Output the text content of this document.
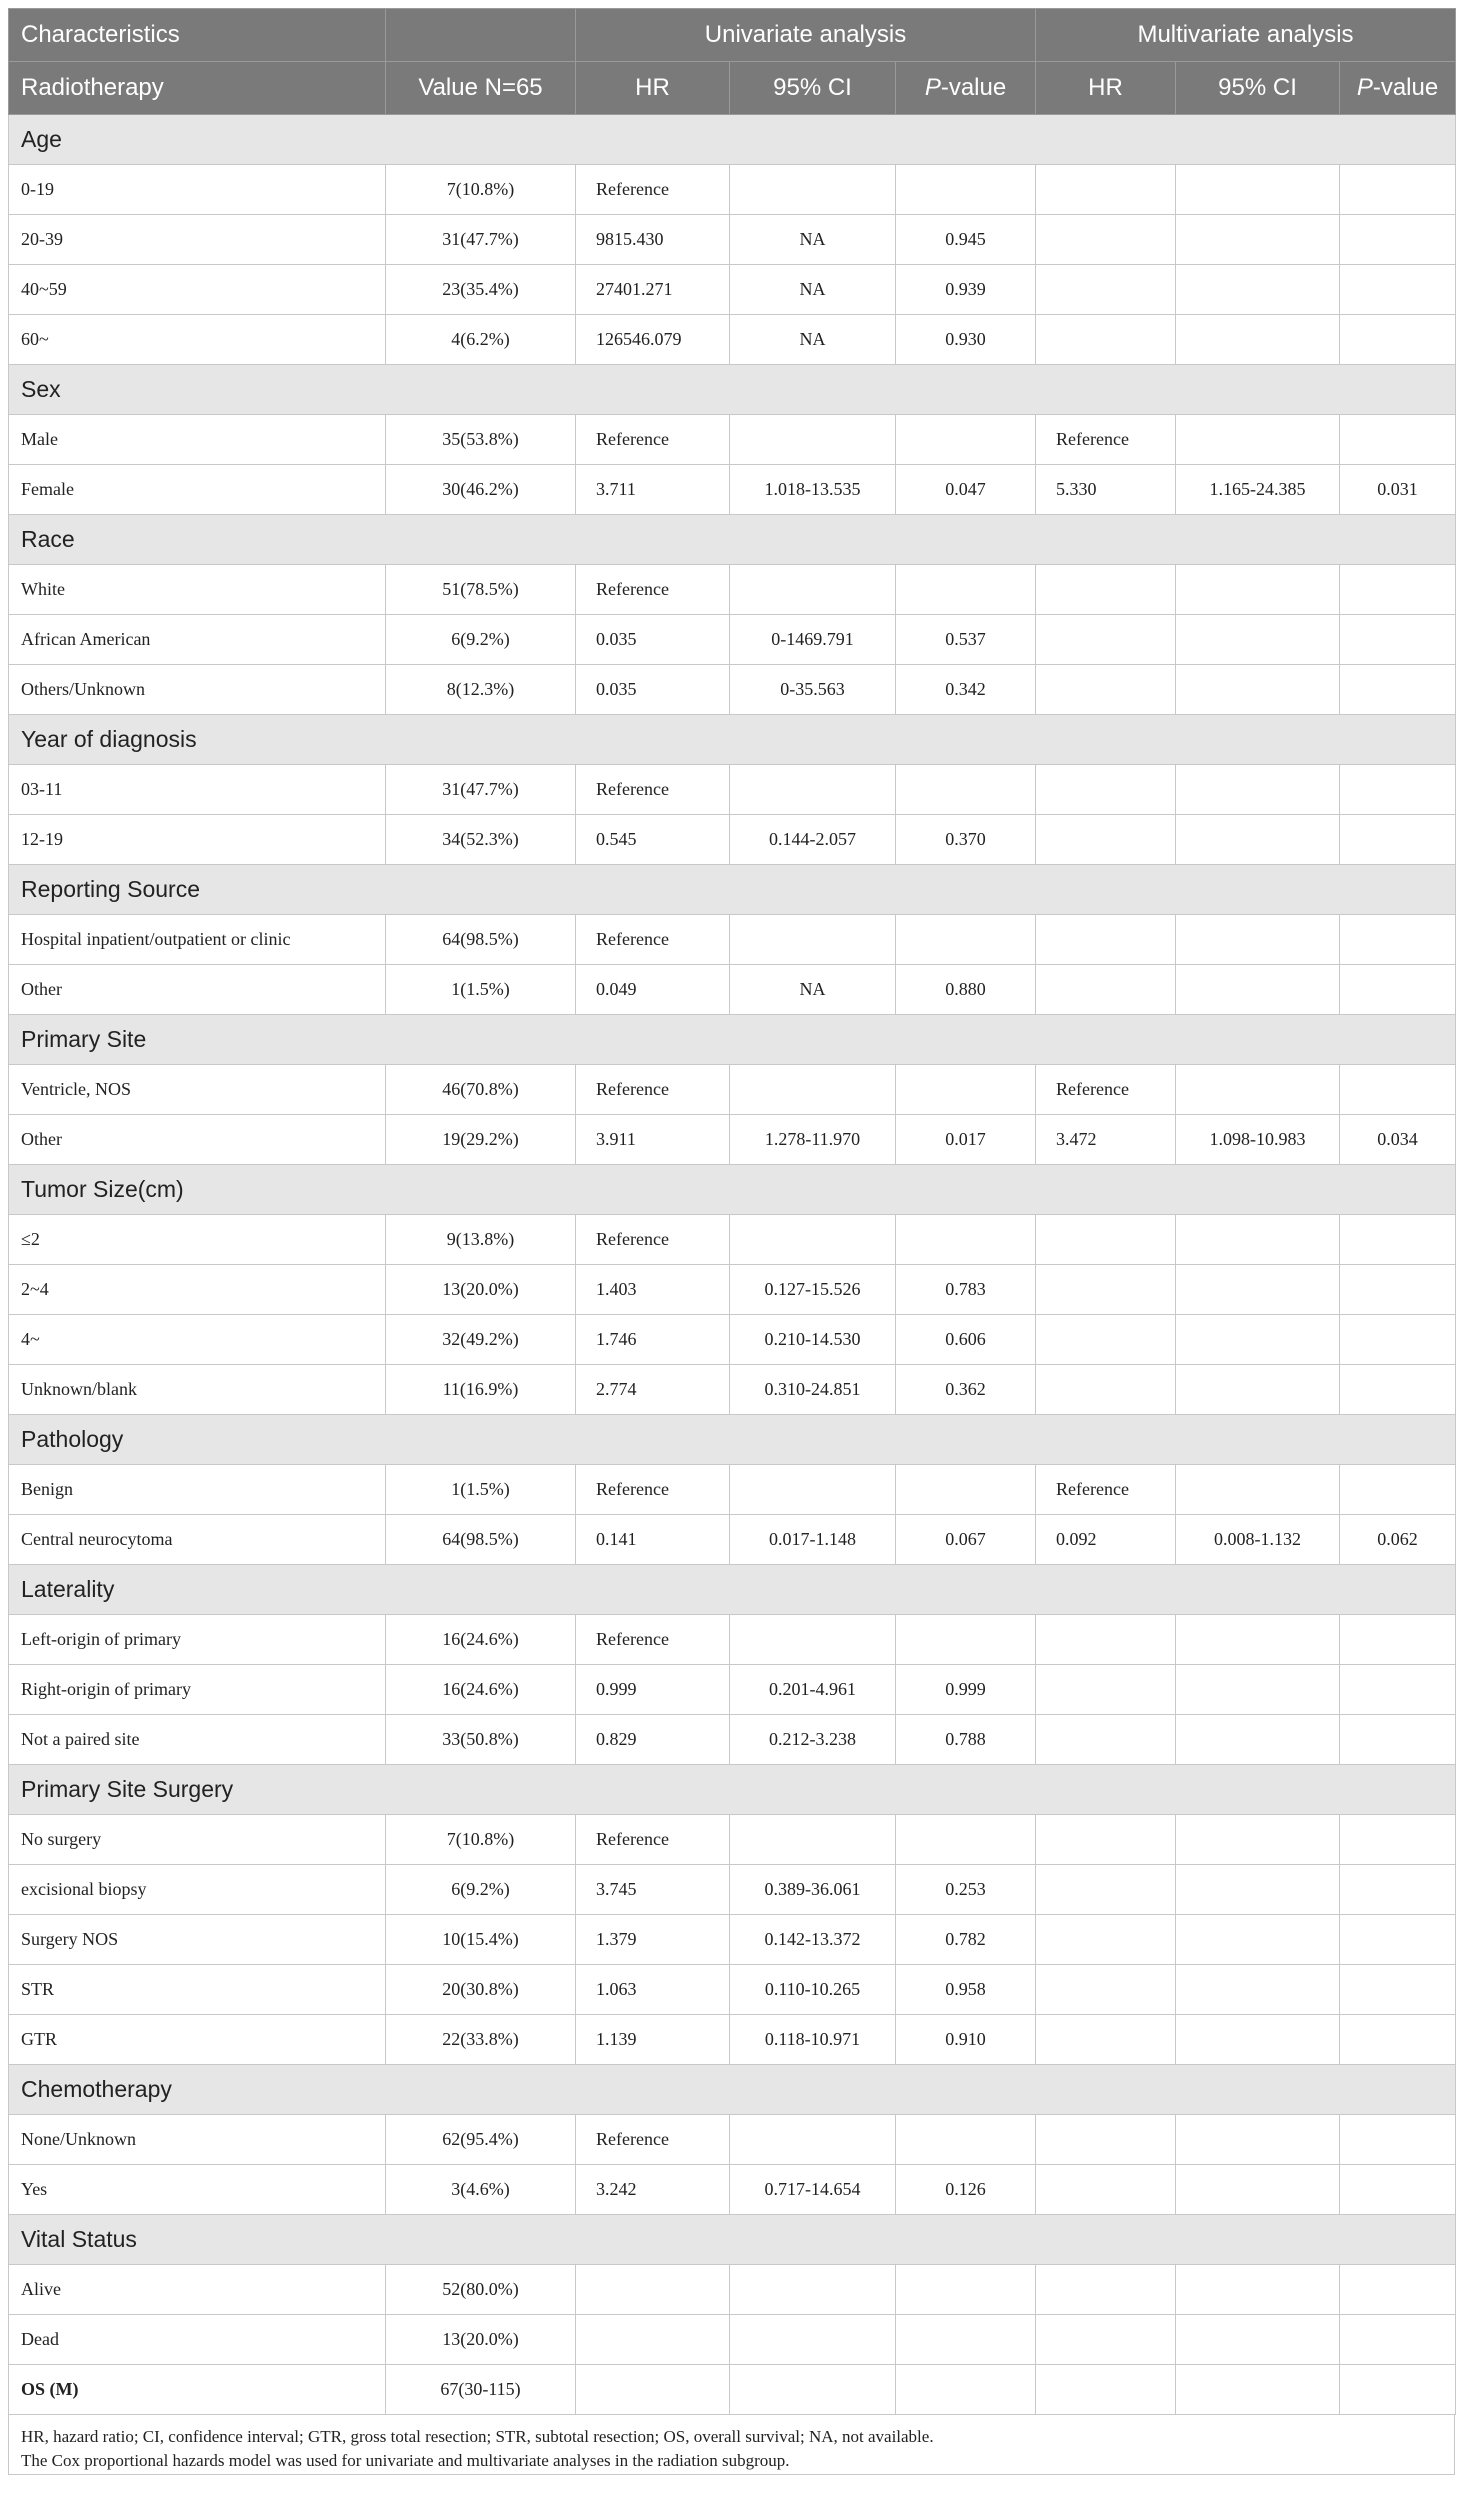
Characteristics		Univariate analysis			Multivariate analysis		
Radiotherapy	Value N=65	HR	95% CI	P-value	HR	95% CI	P-value
Age							
0-19	7(10.8%)	Reference					
20-39	31(47.7%)	9815.430	NA	0.945			
40~59	23(35.4%)	27401.271	NA	0.939			
60~	4(6.2%)	126546.079	NA	0.930			
Sex							
Male	35(53.8%)	Reference			Reference		
Female	30(46.2%)	3.711	1.018-13.535	0.047	5.330	1.165-24.385	0.031
Race							
White	51(78.5%)	Reference					
African American	6(9.2%)	0.035	0-1469.791	0.537			
Others/Unknown	8(12.3%)	0.035	0-35.563	0.342			
Year of diagnosis							
03-11	31(47.7%)	Reference					
12-19	34(52.3%)	0.545	0.144-2.057	0.370			
Reporting Source							
Hospital inpatient/outpatient or clinic	64(98.5%)	Reference					
Other	1(1.5%)	0.049	NA	0.880			
Primary Site							
Ventricle, NOS	46(70.8%)	Reference			Reference		
Other	19(29.2%)	3.911	1.278-11.970	0.017	3.472	1.098-10.983	0.034
Tumor Size(cm)							
≤2	9(13.8%)	Reference					
2~4	13(20.0%)	1.403	0.127-15.526	0.783			
4~	32(49.2%)	1.746	0.210-14.530	0.606			
Unknown/blank	11(16.9%)	2.774	0.310-24.851	0.362			
Pathology							
Benign	1(1.5%)	Reference			Reference		
Central neurocytoma	64(98.5%)	0.141	0.017-1.148	0.067	0.092	0.008-1.132	0.062
Laterality							
Left-origin of primary	16(24.6%)	Reference					
Right-origin of primary	16(24.6%)	0.999	0.201-4.961	0.999			
Not a paired site	33(50.8%)	0.829	0.212-3.238	0.788			
Primary Site Surgery							
No surgery	7(10.8%)	Reference					
excisional biopsy	6(9.2%)	3.745	0.389-36.061	0.253			
Surgery NOS	10(15.4%)	1.379	0.142-13.372	0.782			
STR	20(30.8%)	1.063	0.110-10.265	0.958			
GTR	22(33.8%)	1.139	0.118-10.971	0.910			
Chemotherapy							
None/Unknown	62(95.4%)	Reference					
Yes	3(4.6%)	3.242	0.717-14.654	0.126			
Vital Status							
Alive	52(80.0%)						
Dead	13(20.0%)						
OS (M)	67(30-115)						
HR, hazard ratio; CI, confidence interval; GTR, gross total resection; STR, subtotal resection; OS, overall survival; NA, not available.
The Cox proportional hazards model was used for univariate and multivariate analyses in the radiation subgroup.
